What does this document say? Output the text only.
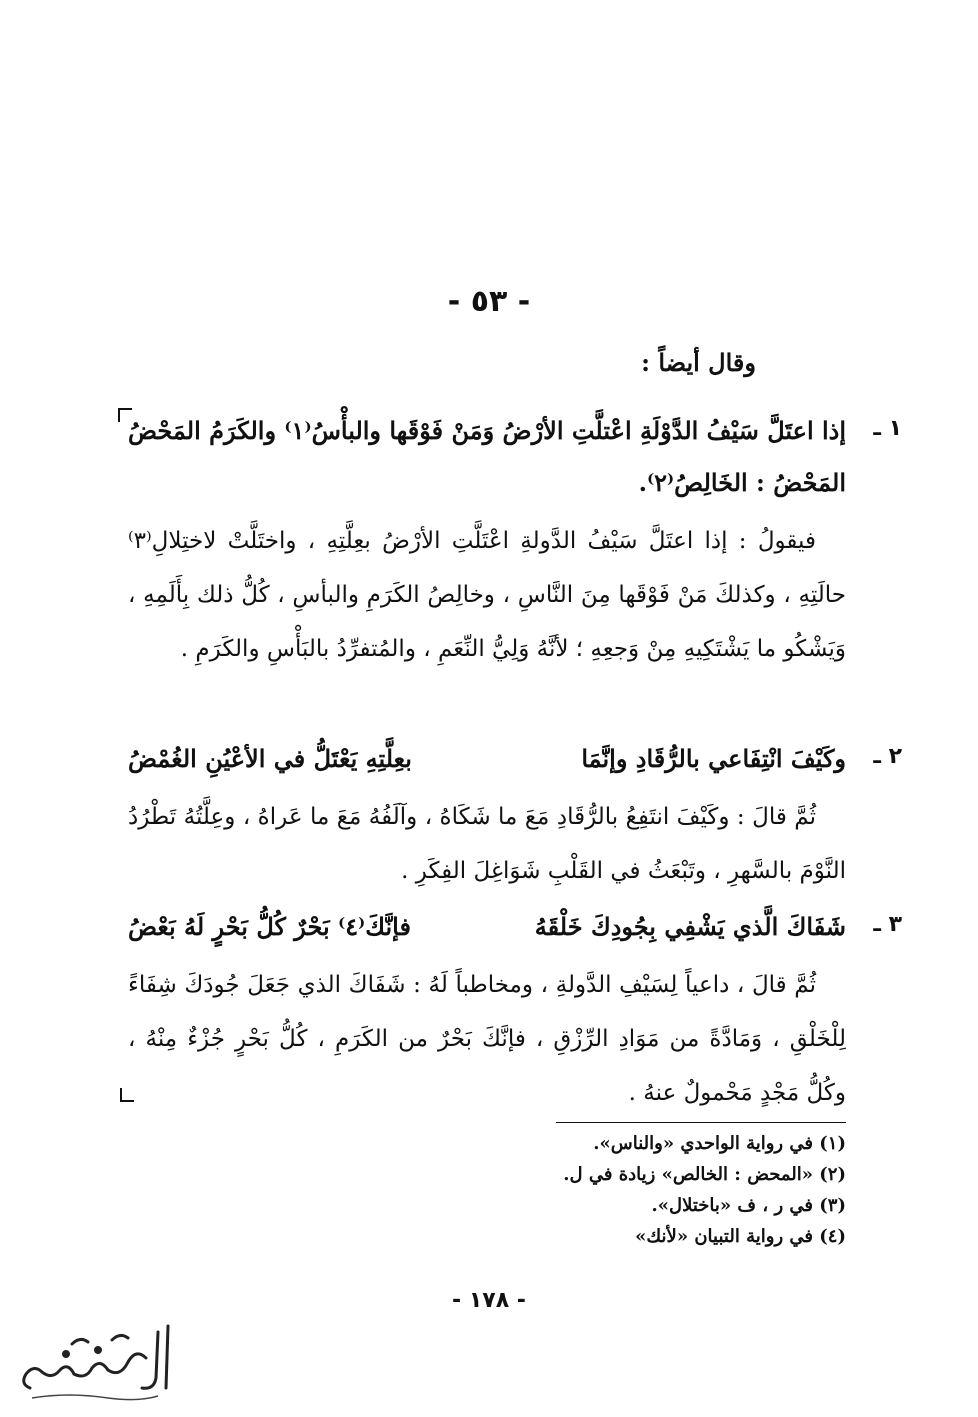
- ٥٣ -
وقال أيضاً :
١ ـ
إذا اعتَلَّ سَيْفُ الدَّوْلَةِ اعْتلَّتِ الأرْضُ
وَمَنْ فَوْقَها والبأْسُ⁽١⁾ والكَرَمُ المَحْضُ
المَحْضُ : الخَالِصُ⁽٢⁾.

فيقولُ : إذا اعتَلَّ سَيْفُ الدَّولةِ اعْتَلَّتِ الأرْضُ بعِلَّتِهِ ، واختَلَّتْ لاختِلالِ⁽٣⁾ حالَتِهِ ، وكذلكَ مَنْ فَوْقَها مِنَ النَّاسِ ، وخالِصُ الكَرَمِ والبأسِ ، كُلُّ ذلك بِأَلَمِهِ ، وَيَشْكُو ما يَشْتَكِيهِ مِنْ وَجعِهِ ؛ لأنَّهُ وَلِيُّ النِّعَمِ ، والمُتفرِّدُ بالبَأْسِ والكَرَمِ .

٢ ـ
وكَيْفَ انْتِفَاعي بالرُّقَادِ وإنَّمَا
بعِلَّتِهِ يَعْتَلُّ في الأعْيُنِ الغُمْضُ

ثُمَّ قالَ : وكَيْفَ انتَفِعُ بالرُّقَادِ مَعَ ما شَكَاهُ ، وآلَفُهُ مَعَ ما عَراهُ ، وعِلَّتُهُ تَطْرُدُ النَّوْمَ بالسَّهرِ ، وتَبْعَثُ في القَلْبِ شَوَاغِلَ الفِكَرِ .

٣ ـ
شَفَاكَ الَّذي يَشْفِي بِجُودِكَ خَلْقَهُ
فإنَّكَ⁽٤⁾ بَحْرٌ كُلُّ بَحْرٍ لَهُ بَعْضُ

ثُمَّ قالَ ، داعياً لِسَيْفِ الدَّولةِ ، ومخاطباً لَهُ : شَفَاكَ الذي جَعَلَ جُودَكَ شِفَاءً لِلْخَلْقِ ، وَمَادَّةً من مَوَادِ الرِّزْقِ ، فإنَّكَ بَحْرٌ من الكَرَمِ ، كُلُّ بَحْرٍ جُزْءٌ مِنْهُ ، وكُلُّ مَجْدٍ مَحْمولٌ عنهُ .

(١) في رواية الواحدي «والناس».
(٢) «المحض : الخالص» زيادة في ل.
(٣) في ر ، ف «باختلال».
(٤) في رواية التبيان «لأنك»
- ١٧٨ -
